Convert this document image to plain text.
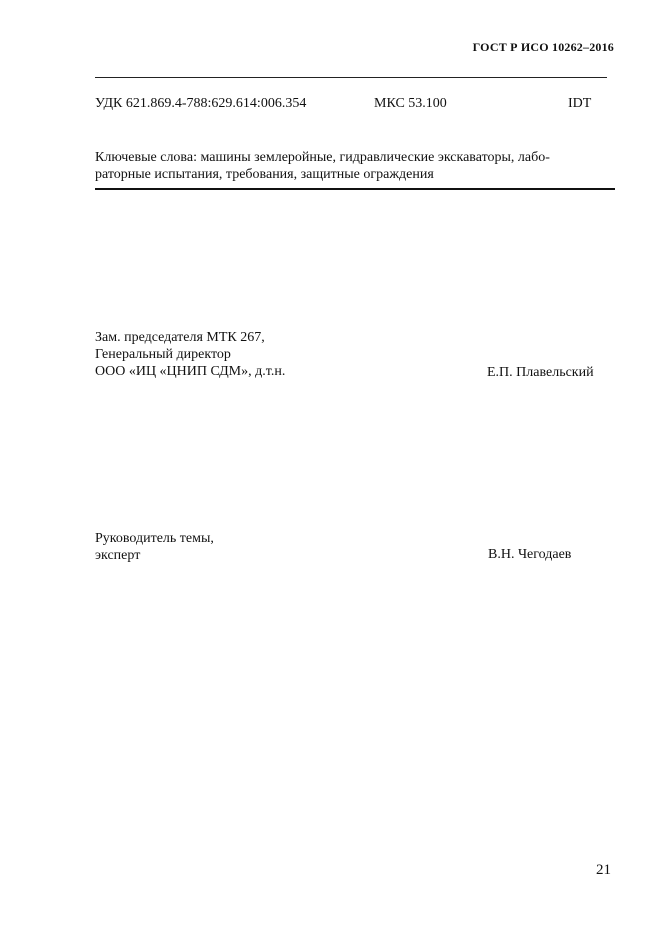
ГОСТ Р ИСО 10262–2016
УДК 621.869.4-788:629.614:006.354	МКС 53.100	IDT
Ключевые слова: машины землеройные, гидравлические экскаваторы, лабо-
раторные испытания, требования, защитные ограждения
Зам. председателя МТК 267,
Генеральный директор
ООО «ИЦ «ЦНИП СДМ», д.т.н.	Е.П. Плавельский
Руководитель темы,
эксперт	В.Н. Чегодаев
21
